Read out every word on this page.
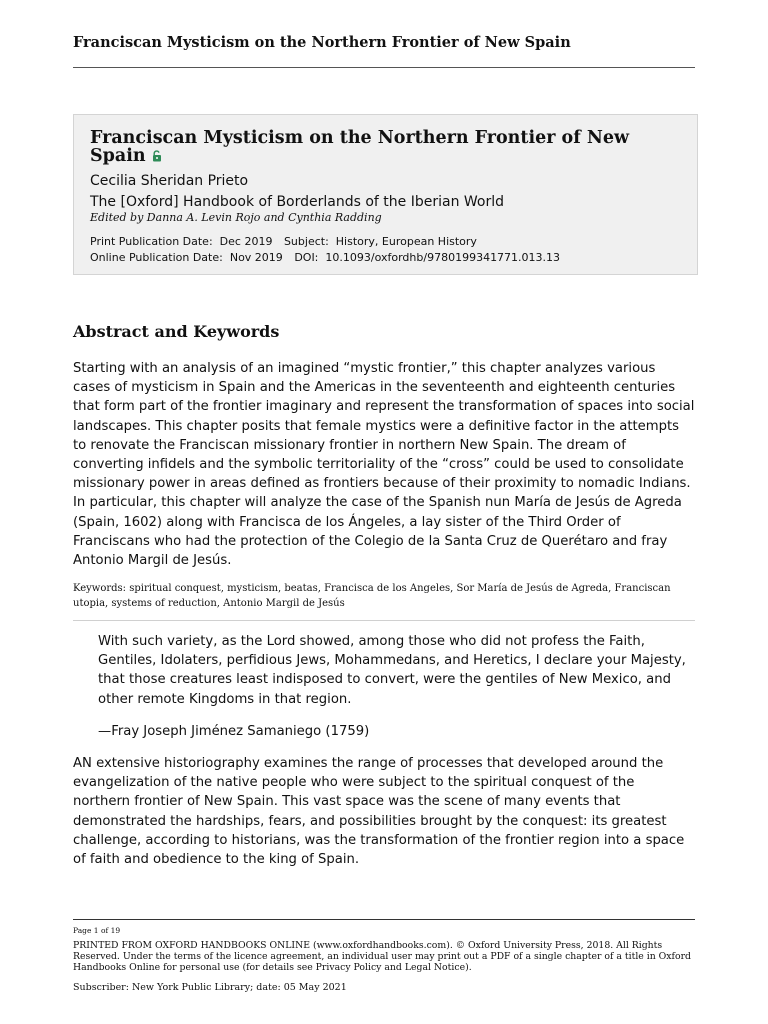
Franciscan Mysticism on the Northern Frontier of New Spain
Franciscan Mysticism on the Northern Frontier of New Spain
Cecilia Sheridan Prieto
The [Oxford] Handbook of Borderlands of the Iberian World
Edited by Danna A. Levin Rojo and Cynthia Radding
Print Publication Date: Dec 2019 Subject: History, European History
Online Publication Date: Nov 2019 DOI: 10.1093/oxfordhb/9780199341771.013.13
Abstract and Keywords

Starting with an analysis of an imagined “mystic frontier,” this chapter analyzes various cases of mysticism in Spain and the Americas in the seventeenth and eighteenth centuries that form part of the frontier imaginary and represent the transformation of spaces into social landscapes. This chapter posits that female mystics were a definitive factor in the attempts to renovate the Franciscan missionary frontier in northern New Spain. The dream of converting infidels and the symbolic territoriality of the “cross” could be used to consolidate missionary power in areas defined as frontiers because of their proximity to nomadic Indians. In particular, this chapter will analyze the case of the Spanish nun María de Jesús de Agreda (Spain, 1602) along with Francisca de los Ángeles, a lay sister of the Third Order of Franciscans who had the protection of the Colegio de la Santa Cruz de Querétaro and fray Antonio Margil de Jesús.

Keywords: spiritual conquest, mysticism, beatas, Francisca de los Angeles, Sor María de Jesús de Agreda, Franciscan utopia, systems of reduction, Antonio Margil de Jesús

With such variety, as the Lord showed, among those who did not profess the Faith, Gentiles, Idolaters, perfidious Jews, Mohammedans, and Heretics, I declare your Majesty, that those creatures least indisposed to convert, were the gentiles of New Mexico, and other remote Kingdoms in that region.

—Fray Joseph Jiménez Samaniego (1759)

AN extensive historiography examines the range of processes that developed around the evangelization of the native people who were subject to the spiritual conquest of the northern frontier of New Spain. This vast space was the scene of many events that demonstrated the hardships, fears, and possibilities brought by the conquest: its greatest challenge, according to historians, was the transformation of the frontier region into a space of faith and obedience to the king of Spain.

Page 1 of 19

PRINTED FROM OXFORD HANDBOOKS ONLINE (www.oxfordhandbooks.com). © Oxford University Press, 2018. All Rights Reserved. Under the terms of the licence agreement, an individual user may print out a PDF of a single chapter of a title in Oxford Handbooks Online for personal use (for details see Privacy Policy and Legal Notice).

Subscriber: New York Public Library; date: 05 May 2021
